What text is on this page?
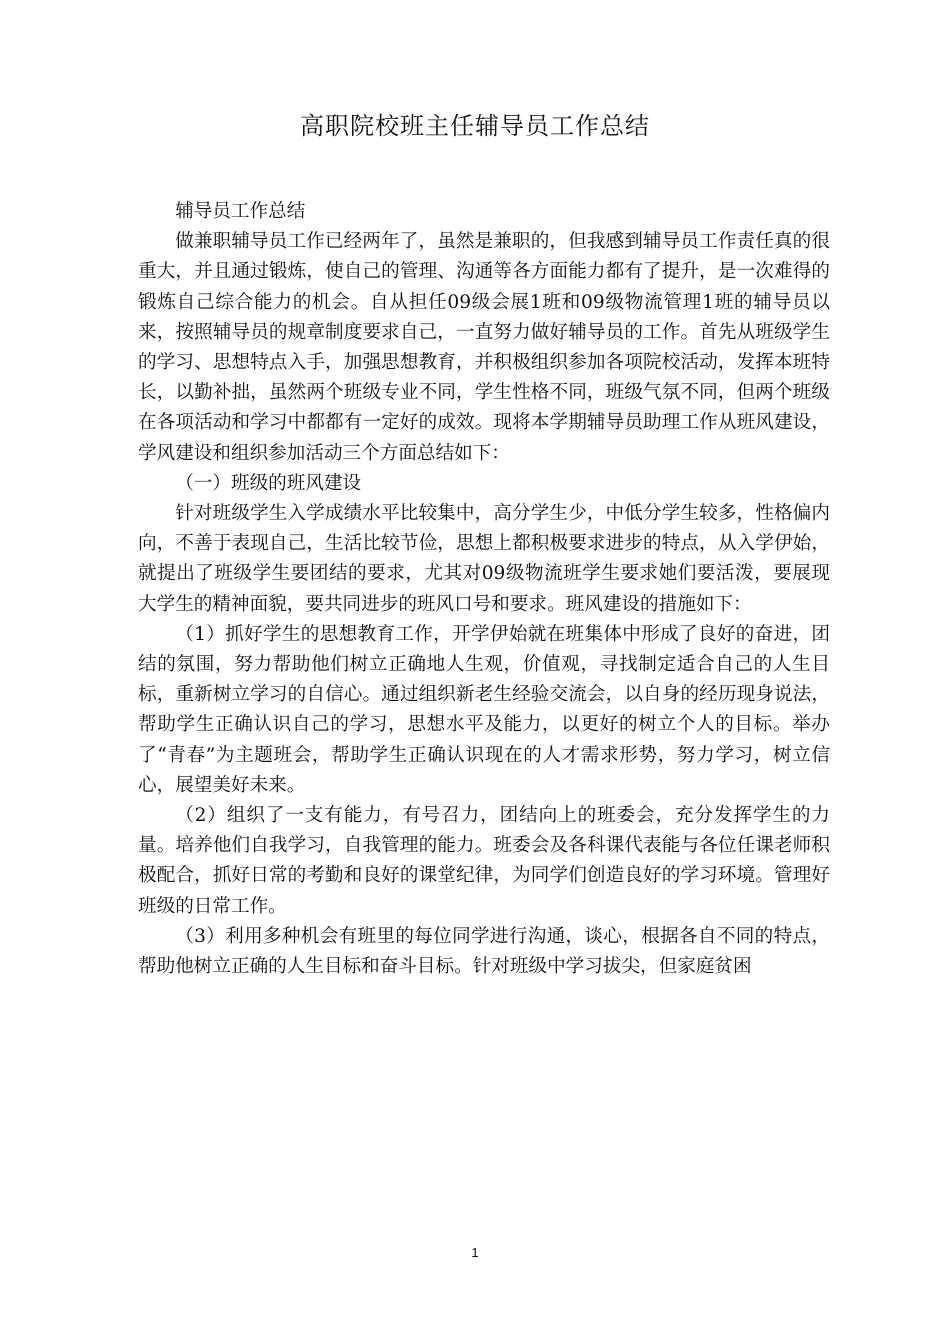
高职院校班主任辅导员工作总结

辅导员工作总结

做兼职辅导员工作已经两年了，虽然是兼职的，但我感到辅导员工作责任真的很重大，并且通过锻炼，使自己的管理、沟通等各方面能力都有了提升，是一次难得的锻炼自己综合能力的机会。自从担任09级会展1班和09级物流管理1班的辅导员以来，按照辅导员的规章制度要求自己，一直努力做好辅导员的工作。首先从班级学生的学习、思想特点入手，加强思想教育，并积极组织参加各项院校活动，发挥本班特长，以勤补拙，虽然两个班级专业不同，学生性格不同，班级气氛不同，但两个班级在各项活动和学习中都都有一定好的成效。现将本学期辅导员助理工作从班风建设，学风建设和组织参加活动三个方面总结如下：

（一）班级的班风建设

针对班级学生入学成绩水平比较集中，高分学生少，中低分学生较多，性格偏内向，不善于表现自己，生活比较节俭，思想上都积极要求进步的特点，从入学伊始，就提出了班级学生要团结的要求，尤其对09级物流班学生要求她们要活泼，要展现大学生的精神面貌，要共同进步的班风口号和要求。班风建设的措施如下：

（1）抓好学生的思想教育工作，开学伊始就在班集体中形成了良好的奋进，团结的氛围，努力帮助他们树立正确地人生观，价值观，寻找制定适合自己的人生目标，重新树立学习的自信心。通过组织新老生经验交流会，以自身的经历现身说法，帮助学生正确认识自己的学习，思想水平及能力，以更好的树立个人的目标。举办了“青春”为主题班会，帮助学生正确认识现在的人才需求形势，努力学习，树立信心，展望美好未来。

（2）组织了一支有能力，有号召力，团结向上的班委会，充分发挥学生的力量。培养他们自我学习，自我管理的能力。班委会及各科课代表能与各位任课老师积极配合，抓好日常的考勤和良好的课堂纪律，为同学们创造良好的学习环境。管理好班级的日常工作。

（3）利用多种机会有班里的每位同学进行沟通，谈心，根据各自不同的特点，帮助他树立正确的人生目标和奋斗目标。针对班级中学习拔尖，但家庭贫困

1
